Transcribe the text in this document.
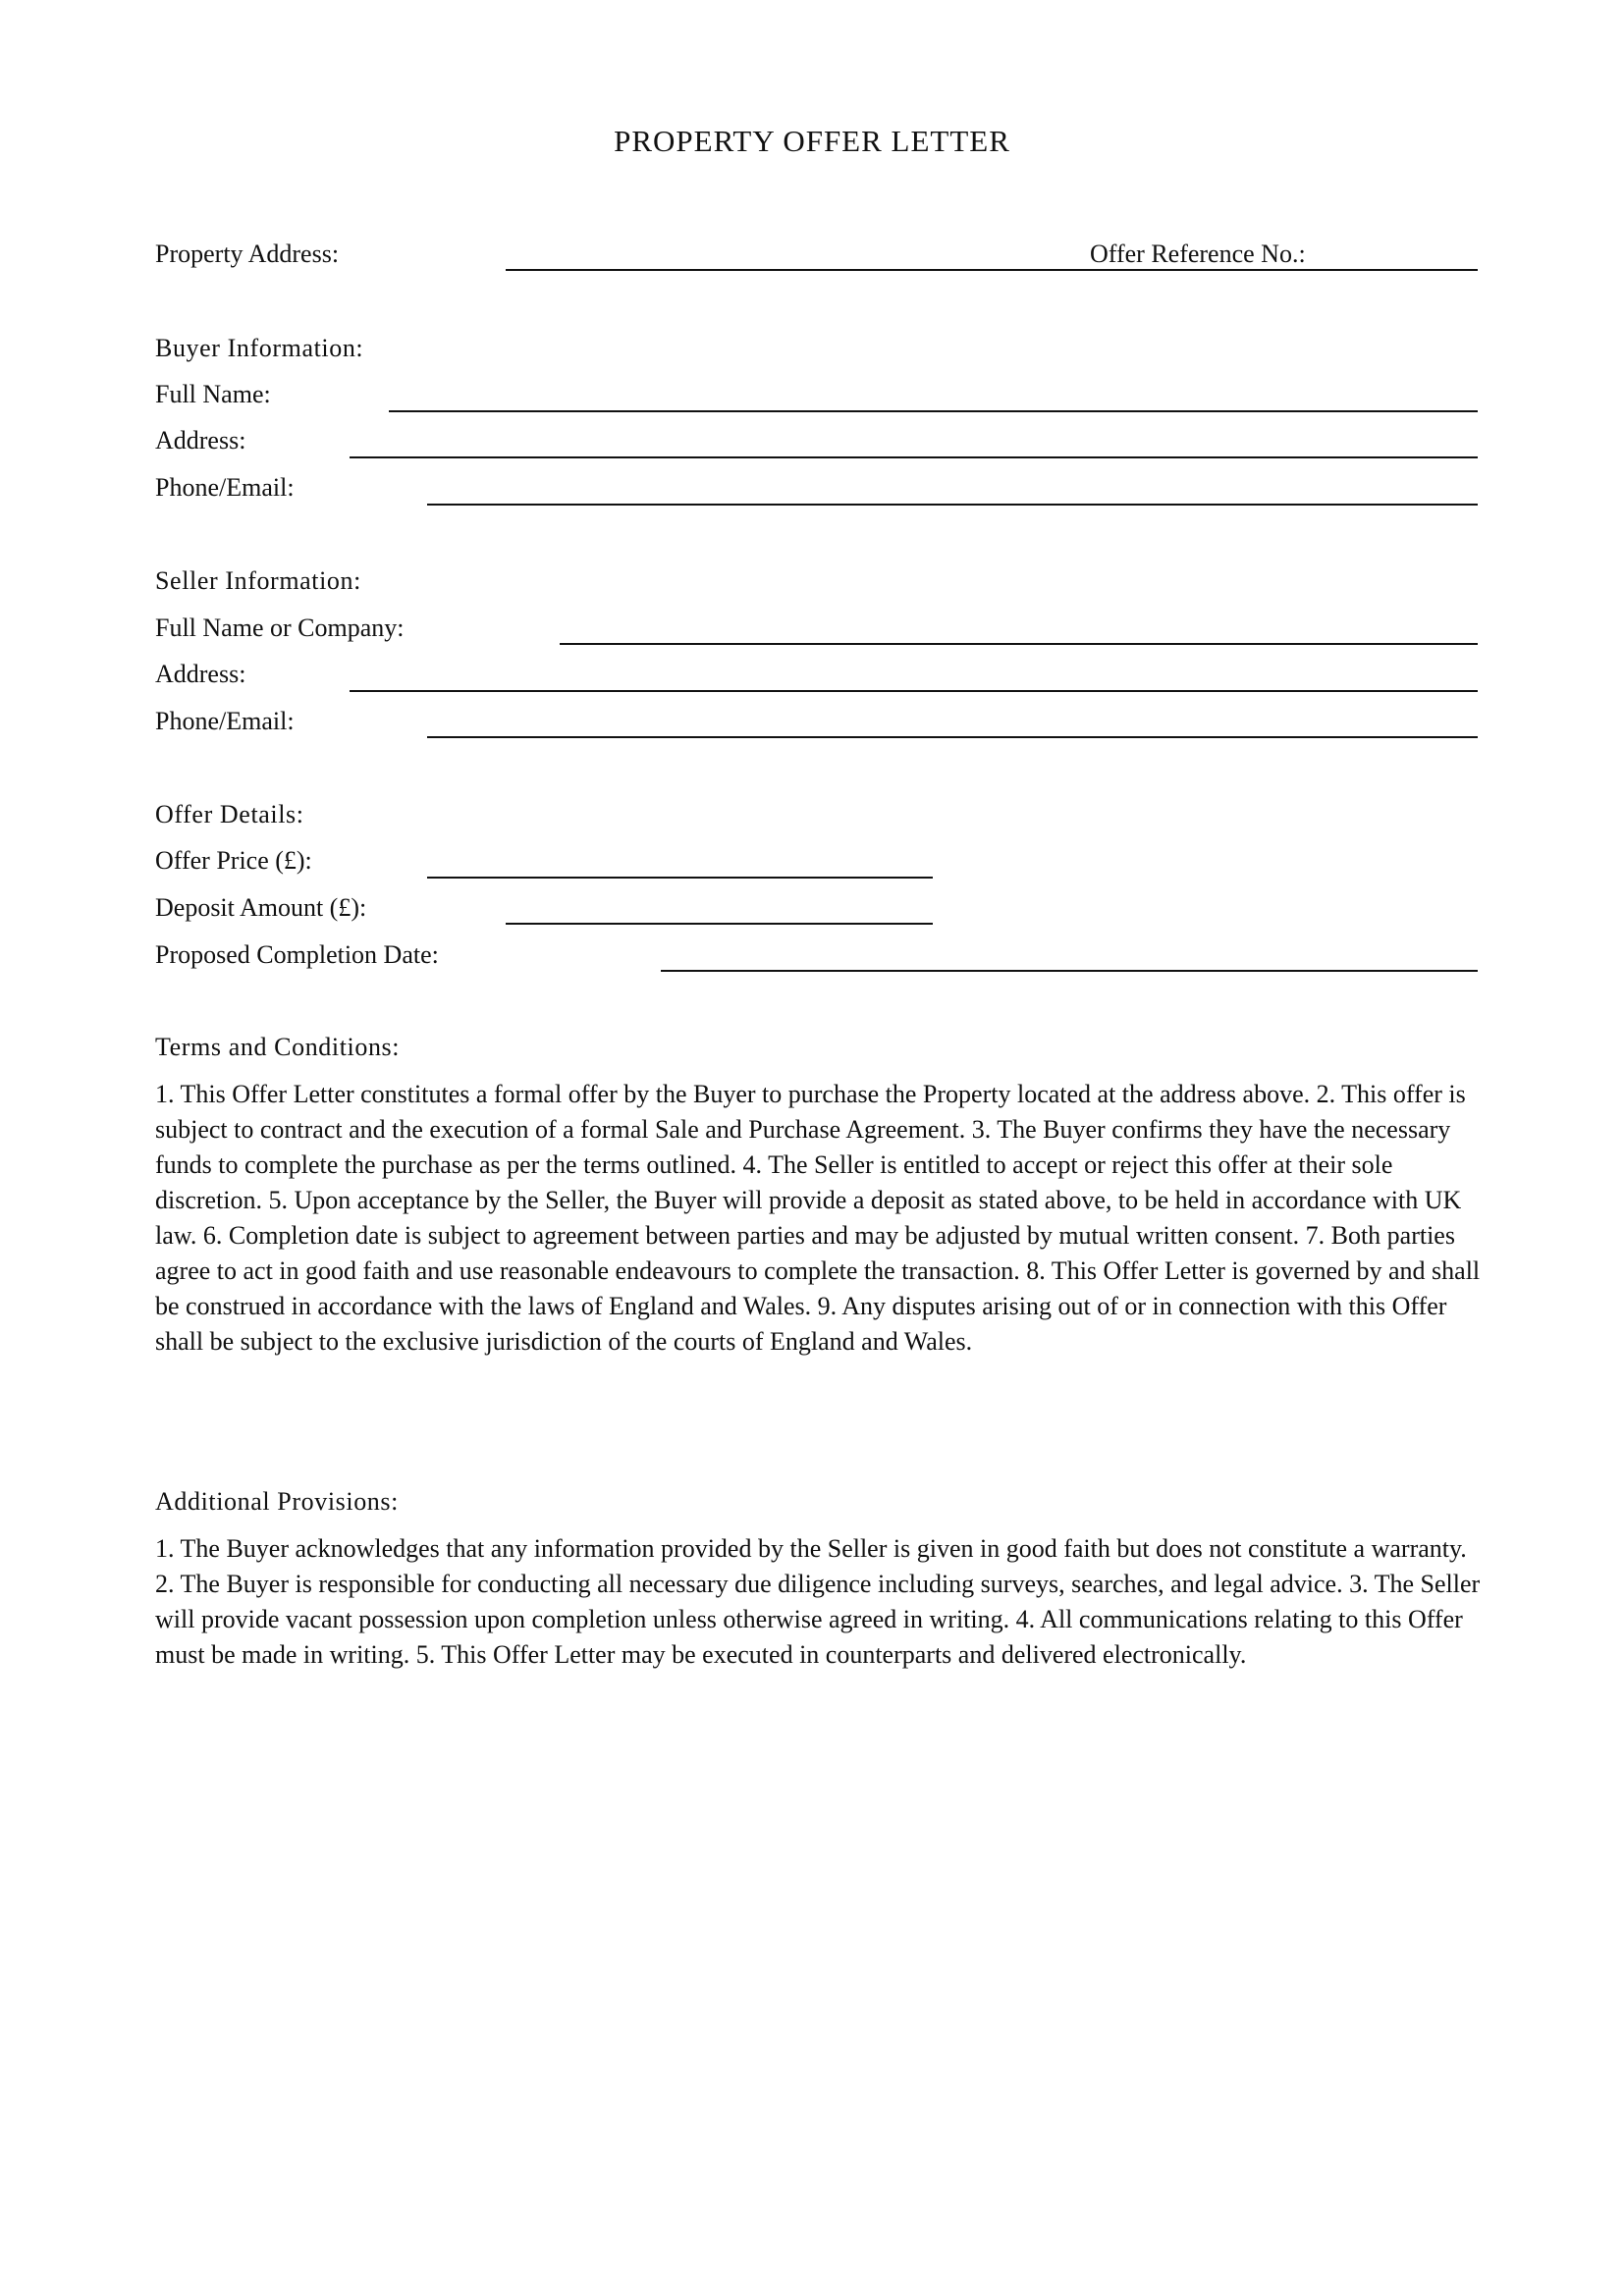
PROPERTY OFFER LETTER
Property Address:	Offer Reference No.:
Buyer Information:
Full Name:
Address:
Phone/Email:
Seller Information:
Full Name or Company:
Address:
Phone/Email:
Offer Details:
Offer Price (£):
Deposit Amount (£):
Proposed Completion Date:
Terms and Conditions:
1. This Offer Letter constitutes a formal offer by the Buyer to purchase the Property located at the address above. 2. This offer is subject to contract and the execution of a formal Sale and Purchase Agreement. 3. The Buyer confirms they have the necessary funds to complete the purchase as per the terms outlined. 4. The Seller is entitled to accept or reject this offer at their sole discretion. 5. Upon acceptance by the Seller, the Buyer will provide a deposit as stated above, to be held in accordance with UK law. 6. Completion date is subject to agreement between parties and may be adjusted by mutual written consent. 7. Both parties agree to act in good faith and use reasonable endeavours to complete the transaction. 8. This Offer Letter is governed by and shall be construed in accordance with the laws of England and Wales. 9. Any disputes arising out of or in connection with this Offer shall be subject to the exclusive jurisdiction of the courts of England and Wales.
Additional Provisions:
1. The Buyer acknowledges that any information provided by the Seller is given in good faith but does not constitute a warranty. 2. The Buyer is responsible for conducting all necessary due diligence including surveys, searches, and legal advice. 3. The Seller will provide vacant possession upon completion unless otherwise agreed in writing. 4. All communications relating to this Offer must be made in writing. 5. This Offer Letter may be executed in counterparts and delivered electronically.
